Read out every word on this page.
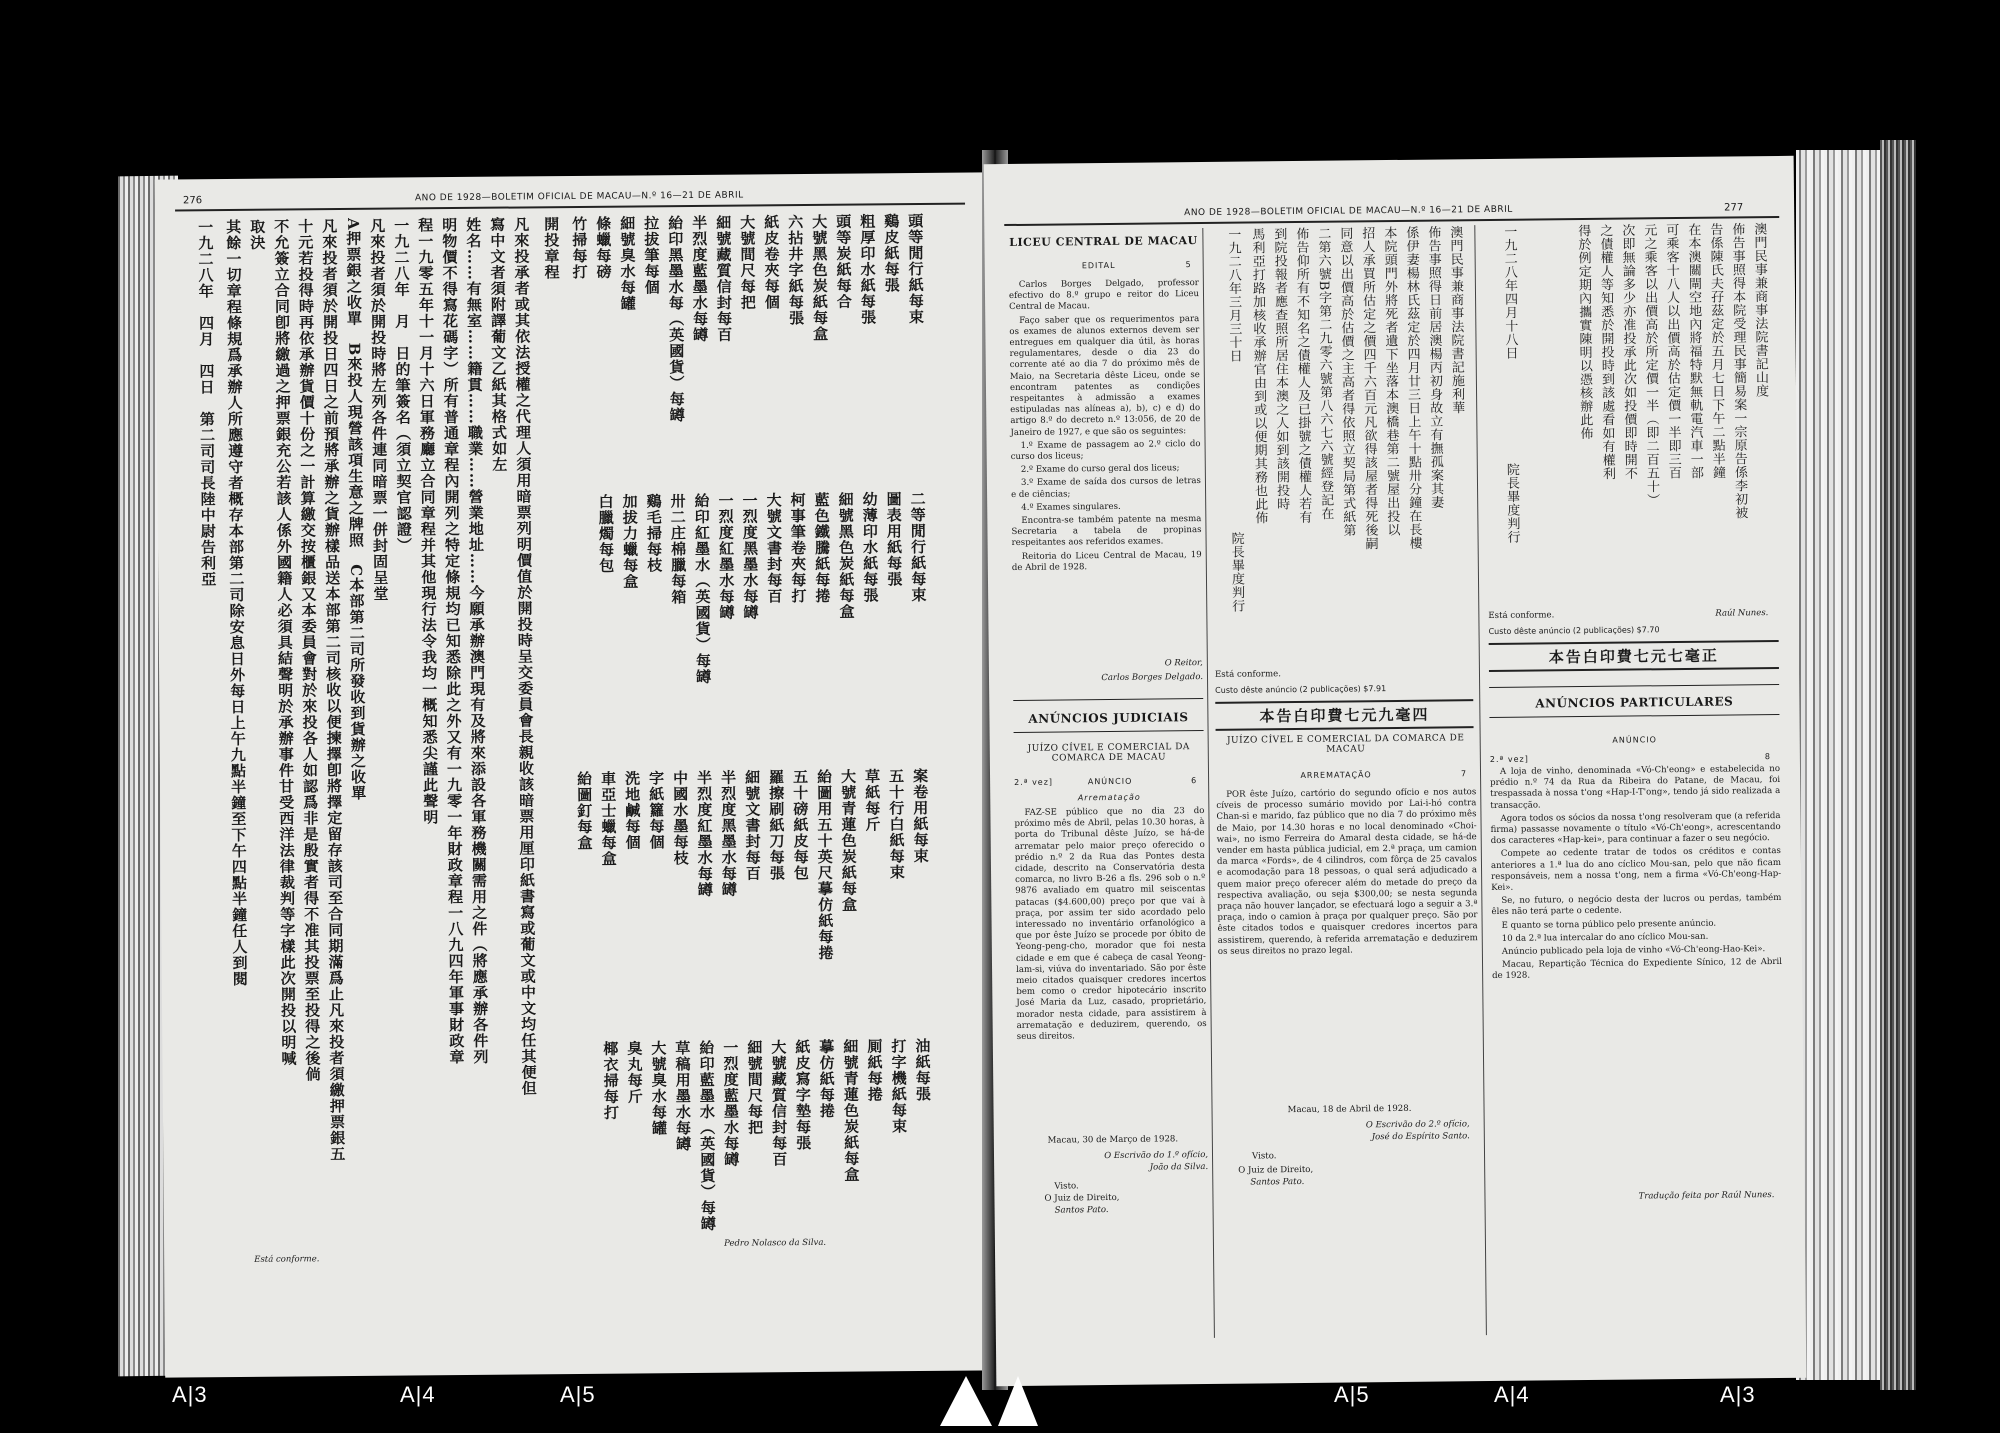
276	ANO DE 1928—BOLETIM OFICIAL DE MACAU—N.º 16—21 DE ABRIL
頭等閒行紙每束
鷄皮紙每張
粗厚印水紙每張
頭等炭紙每合
大號黑色炭紙每盒
六拈井字紙每張
紙皮卷夾每個
大號間尺每把
細號藏質信封每百
半烈度藍墨水每罇
紿印黑墨水每（英國貨）每罇
拉拔筆每個
細號臭水每罐
條蠟每磅
竹掃每打
二等閒行紙每束
圖表用紙每張
幼薄印水紙每張
細號黑色炭紙每盒
藍色鐵騰紙每捲
柯事筆卷夾每打
大號文書封每百
一烈度黑墨水每罇
一烈度紅墨水每罇
紿印紅墨水（英國貨）每罇
卅二庄棉臘每箱
鷄毛掃每枝
加拔力蠟每盒
白臘燭每包
案卷用紙每束
五十行白紙每束
草紙每斤
大號青蓮色炭紙每盒
紿圖用五十英尺摹仿紙每捲
五十磅紙皮每包
羅擦刷紙刀每張
細號文書封每百
半烈度黑墨水每罇
半烈度紅墨水每罇
中國水墨每枝
字紙籮每個
洗地鹹每個
車亞士蠟每盒
紿圖釘每盒
油紙每張
打字機紙每束
厠紙每捲
細號青蓮色炭紙每盒
摹仿紙每捲
紙皮寫字墊每張
大號藏質信封每百
細號間尺每把
一烈度藍墨水每罇
紿印藍墨水（英國貨）每罇
草稿用墨水每罇
大號臭水每罐
臭丸每斤
椰衣掃每打
開投章程
凡來投承者或其依法授權之代理人須用暗票列明價值於開投時呈交委員會長親收該暗票用厘印紙書寫或葡文或中文均任其便但
寫中文者須附譯葡文乙紙其格式如左
姓名……有無室……籍貫……職業……營業地址……今願承辦澳門現有及將來添設各軍務機關需用之件（將應承辦各件列
明物價不得寫花碼字）所有普通章程內開列之特定條規均已知悉除此之外又有一九零一年財政章程一八九四年軍事財政章
程一九零五年十一月十六日軍務廳立合同章程并其他現行法令我均一概知悉尖謹此聲明
一九二八年　月　日的筆簽名（須立契官認證）
凡來投者須於開投時將左列各件連同暗票一併封固呈堂
A押票銀之收單　B來投人現營該項生意之牌照　C本部第二司所發收到貨辦之收單
凡來投者須於開投日四日之前預將承辦之貨辦樣品送本部第二司核收以便揀擇卽將擇定留存該司至合同期滿爲止凡來投者須繳押票銀五
十元若投得時再依承辦貨價十份之一計算繳交按櫃銀又本委員會對於來投各人如認爲非是殷實者得不准其投票至投得之後倘
不允簽立合同卽將繳過之押票銀充公若該人係外國籍人必須具結聲明於承辦事件甘受西洋法律裁判等字樣此次開投以明喊
取決
其餘一切章程條規爲承辦人所應遵守者概存本部第二司除安息日外每日上午九點半鐘至下午四點半鐘任人到閱
一九二八年　四月　四日　第二司司長陸中尉告利亞
Está conforme.
Pedro Nolasco da Silva.
ANO DE 1928—BOLETIM OFICIAL DE MACAU—N.º 16—21 DE ABRIL	277
LICEU CENTRAL DE MACAU
EDITAL	5

Carlos Borges Delgado, professor efectivo do 8.º grupo e reitor do Liceu Central de Macau.

Faço saber que os requerimentos para os exames de alunos externos devem ser entregues em qualquer dia útil, às horas regulamentares, desde o dia 23 do corrente até ao dia 7 do próximo mês de Maio, na Secretaria dêste Liceu, onde se encontram patentes as condições respeitantes à admissão a exames estipuladas nas alíneas a), b), c) e d) do artigo 8.º do decreto n.º 13:056, de 20 de Janeiro de 1927, e que são os seguintes:

1.º Exame de passagem ao 2.º ciclo do curso dos liceus;

2.º Exame do curso geral dos liceus;

3.º Exame de saída dos cursos de letras e de ciências;

4.º Exames singulares.

Encontra-se também patente na mesma Secretaria a tabela de propinas respeitantes aos referidos exames.

Reitoria do Liceu Central de Macau, 19 de Abril de 1928.

O Reitor,
Carlos Borges Delgado.
ANÚNCIOS JUDICIAIS
JUÍZO CÍVEL E COMERCIAL DA COMARCA DE MACAU
2.ª vez]	ANÚNCIO	6
Arrematação

FAZ-SE público que no dia 23 do próximo mês de Abril, pelas 10.30 horas, à porta do Tribunal dêste Juízo, se há-de arrematar pelo maior preço oferecido o prédio n.º 2 da Rua das Pontes desta cidade, descrito na Conservatória desta comarca, no livro B-26 a fls. 296 sob o n.º 9876 avaliado em quatro mil seiscentas patacas ($4.600,00) preço por que vai à praça, por assim ter sido acordado pelo interessado no inventário orfanológico a que por êste Juízo se procede por óbito de Yeong-peng-cho, morador que foi nesta cidade e em que é cabeça de casal Yeong-lam-si, viúva do inventariado. São por êste meio citados quaisquer credores incertos bem como o credor hipotecário inscrito José Maria da Luz, casado, proprietário, morador nesta cidade, para assistirem à arrematação e deduzirem, querendo, os seus direitos.

Macau, 30 de Março de 1928.
O Escrivão do 1.º ofício,
João da Silva.
Visto.
O Juiz de Direito,
Santos Pato.
澳門民事兼商事法院書記施利華
佈告事照得日前居澳楊丙初身故立有撫孤案其妻
係伊妻楊林氏茲定於四月廿三日上午十點卅分鐘在長樓
本院頭門外將死者遺下坐落本澳橋巷第二號屋出投以
招人承買所估定之價四千六百元凡欲得該屋者得死後嗣
同意以出價高於估價之主高者得依照立契局第式紙第
二第六號B字第二九零六號第八六七六號經登記在
佈告仰所有不知名之債權人及已掛號之債權人若有
到院投報者應查照所居住本澳之人如到該開投時
馬利亞打路加核收承辦官由到或以便期其務也此佈
一九二八年三月三十日
院長畢度判行
Está conforme.
Custo dêste anúncio (2 publicações) $7.91
本告白印費七元九毫四
JUÍZO CÍVEL E COMERCIAL DA COMARCA DE MACAU
ARREMATAÇÃO	7

POR êste Juízo, cartório do segundo ofício e nos autos cíveis de processo sumário movido por Lai-i-hó contra Chan-si e marido, faz público que no dia 7 do próximo mês de Maio, por 14.30 horas e no local denominado «Choi-wai», no ismo Ferreira do Amaral desta cidade, se há-de vender em hasta pública judicial, em 2.ª praça, um camion da marca «Fords», de 4 cilindros, com fôrça de 25 cavalos e acomodação para 18 pessoas, o qual será adjudicado a quem maior preço oferecer além do metade do preço da respectiva avaliação, ou seja $300,00; se nesta segunda praça não houver lançador, se efectuará logo a seguir a 3.ª praça, indo o camion à praça por qualquer preço. São por êste citados todos e quaisquer credores incertos para assistirem, querendo, à referida arrematação e deduzirem os seus direitos no prazo legal.

Macau, 18 de Abril de 1928.
O Escrivão do 2.º ofício,
José do Espírito Santo.
Visto.
O Juiz de Direito,
Santos Pato.
澳門民事兼商事法院書記山度
佈告事照得本院受理民事簡易案一宗原告係李初被
告係陳氏夫孖茲定於五月七日下午二點半鐘
在本澳關閘空地內將福特默無軌電汽車一部
可乘客十八人以出價高於估定價一半即三百
元之乘客以出價高於所定價一半（即二百五十）
次即無論多少亦准投承此次如投價即時開不
之債權人等知悉於開投時到該處看如有權利
得於例定期內攜實陳明以憑核辦此佈
一九二八年四月十八日
院長畢度判行
Está conforme.	Raúl Nunes.
Custo dêste anúncio (2 publicações) $7.70
本告白印費七元七毫正
ANÚNCIOS PARTICULARES
ANÚNCIO
2.ª vez]	8

A loja de vinho, denominada «Vó-Ch'eong» e estabelecida no prédio n.º 74 da Rua da Ribeira do Patane, de Macau, foi trespassada à nossa t'ong «Hap-I-T'ong», tendo já sido realizada a transacção.

Agora todos os sócios da nossa t'ong resolveram que (a referida firma) passasse novamente o título «Vó-Ch'eong», acrescentando dos caracteres «Hap-kei», para continuar a fazer o seu negócio.

Compete ao cedente tratar de todos os créditos e contas anteriores a 1.ª lua do ano cíclico Mou-san, pelo que não ficam responsáveis, nem a nossa t'ong, nem a firma «Vó-Ch'eong-Hap-Kei».

Se, no futuro, o negócio desta der lucros ou perdas, também êles não terá parte o cedente.

E quanto se torna público pelo presente anúncio.

10 da 2.ª lua intercalar do ano cíclico Mou-san.

Anúncio publicado pela loja de vinho «Vó-Ch'eong-Hao-Kei».

Macau, Repartição Técnica do Expediente Sínico, 12 de Abril de 1928.

Tradução feita por Raúl Nunes.
A|3	A|4	A|5	A|5	A|4	A|3
